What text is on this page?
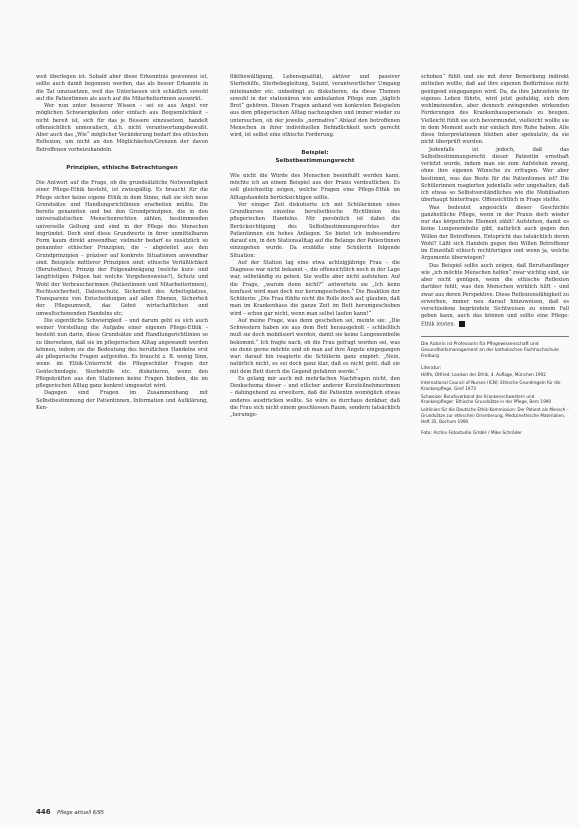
weit überlegen ist. Sobald aber diese Erkenntnis gewonnen ist, sollte auch damit begonnen werden, das als besser Erkannte in die Tat umzusetzen, weil das Unterlassen sich schädlich sowohl auf die Patientinnen als auch auf die Mitarbeiterinnen auswirkt.

Wer nun unter besserer Wissen – sei es aus Angst vor möglichen Schwierigkeiten oder einfach aus Bequemlichkeit – nicht bereit ist, sich für das je Bessere einzusetzen, handelt offensichtlich unmoralisch, d.h. nicht verantwortungsbewußt. Aber auch das „Wie“ möglicher Veränderung bedarf des ethischen Reflexion, um nicht an den Möglichkeiten/Grenzen der davon Betroffenen vorbeizuhandeln.

Prinzipien, ethische Betrachtungen

Die Antwort auf die Frage, ob die grundsätzliche Notwendigkeit einer Pflege-Ethik besteht, ist zwiespältig. Es braucht für die Pflege sicher keine eigene Ethik in dem Sinne, daß sie sich neue Grundsätze und Handlungsrichtlinien erarbeiten müßte. Die bereits genannten und bei den Grundprinzipien, die in den universalistischen Menschenrechten zählen, bestimmenden universelle Geltung und sind in der Pflege des Menschen begründet. Doch sind diese Grundwerte in ihrer unmittelbaren Form kaum direkt anwendbar, vielmehr bedarf es zusätzlich so genannter ethischer Prinzipien, die – abgeleitet aus den Grundprinzipien – präziser auf konkrete Situationen anwendbar sind. Beispiele mittlerer Prinzipien sind: ethische Verläßlichkeit (Berufsethos), Prinzip der Folgenabwägung (welche kurz- und langfristigen Folgen hat welche Vorgehensweise?), Schutz und Wohl der Verbraucherinnen (Patientinnen und Mitarbeiterinnen), Rechtssicherheit, Datenschutz, Sicherheit des Arbeitsplatzes, Transparenz von Entscheidungen auf allen Ebenen, Sicherheit der Pflegeumwelt, das Gebot wirtschaftlichen und umweltschonenden Handelns etc.

Die eigentliche Schwierigkeit – und darum geht es sich auch weiner Vorstellung die Aufgabe einer eigenen Pflege-Ethik – besteht nun darin, diese Grundsätze und Handlungsrichtlinien so zu übersetzen, daß sie im pflegerischen Alltag angewandt werden können, indem sie die Bedeutung des beruflichen Handelns erst als pflegerische Fragen aufgreifen. Es braucht z. B. wenig Sinn, wenn im Ethik-Unterricht die Pflegeschüler Fragen der Gentechnologie, Sterbehilfe etc. diskutieren, wenn den Pflegekräften aus den Stationen keine Fragen bleiben, die im pflegerischen Alltag ganz konkret umgesetzt wird.

Dagegen sind Fragen im Zusammenhang mit Selbstbestimmung der Patientinnen, Information und Aufklärung, Ken-

flikthewältigung, Lebensqualität, aktiver und passiver Sterbehilfe, Sterbebegleitung, Suizid, verantwortlicher Umgang miteinander etc. unbedingt zu diskutieren, da diese Themen sowohl in der stationären wie ambulanten Pflege zum „täglich Brot“ gehören. Diesen Fragen anhand von konkreten Beispielen aus dem pflegerischen Alltag nachzugehen und immer wieder zu untersuchen, ob der jeweils „normative“ Ablauf den betroffenen Menschen in ihrer individuellen Befindlichkeit noch gerecht wird, ist selbst eine ethische Forderung.

Beispiel:
Selbstbestimmungsrecht

Wie nicht die Würde des Menschen beeinflußt werden kann, möchte ich an einem Beispiel aus der Praxis verdeutlichen. Es soll gleichzeitig zeigen, welche Fragen eine Pflege-Ethik im Alltagshandeln berücksichtigen sollte.

Vor einiger Zeit diskutierte ich mit Schülerinnen eines Grundkurses einzelne berufsethische Richtlinien des pflegerischen Handelns. Mir persönlich ist dabei die Berücksichtigung des Selbstbestimmungsrechtes der Patientinnen ein hohes Anliegen. So bietet ich insbesondere darauf ein, in den Stationsalltag auf die Belange der Patientinnen einzugehen wurde. Da erzählte eine Schülerin folgende Situation:

Auf der Station lag eine etwa achtzigjährige Frau – die Diagnose war nicht bekannt –, die offensichtlich noch in der Lage war, selbständig zu gehen. Sie wollte aber nicht aufstehen. Auf die Frage, „warum denn nicht?“ antwortete sie „Ich kenn konfusst wird man doch nur herumgeschoben.“ Die Reaktion der Schülerin: „Die Frau fühlte nicht die Rolle doch auf, glauben, daß man im Krankenhaus die ganze Zeit im Bett herumgeschoben wird – schon gar nicht, wenn man selbst laufen kann!“

Auf meine Frage, was denn geschehen sei, meinte sie: „Die Schwestern haben sie aus dem Bett herausgeholt – schließlich muß sie doch mobilisiert werden, damit sie keine Lungenembolie bekommt.“ Ich fragte nach, ob die Frau gefragt worden sei, was sie denn gerne möchte und ob man auf ihre Ängste eingegangen war: darauf hin reagierte die Schülerin ganz empört: „Nein, natürlich nicht, es sei doch ganz klar, daß es nicht geht, daß sie mit dem Bett durch die Gegend gefahren werde.“

Es gelang mir auch mit mehrfachen Nachfragen nicht, den Denkschema dieser – und etlicher anderer Kursteilnehmerinnen – dahingehend zu erweitern, daß die Patientin womöglich etwas anderes ausdrücken wollte. So wäre es durchaus denkbar, daß die Frau sich nicht einem geschlossen Raum, sondern tatsächlich „herumge-

schoben“ fühlt und sie mit ihrer Bemerkung indirekt mitteilen wollte, daß auf ihre eigenen Bedürfnisse nicht genügend eingegangen wird. Da, da ihre Jahrzehnte ihr eigenes Leben führte, wird jetzt geduldig, sich dem wohlmeinenden, aber dennoch zwingenden wirkenden Forderungen des Krankenhauspersonals zu beugen. Vielleicht fühlt sie sich bevormundet, vielleicht wollte sie in dem Moment auch nur einfach ihre Ruhe haben. Alle diese Interpretationen bleiben aber spekulativ, da sie nicht überprüft wurden.

Jedenfalls ist jedoch, daß das Selbstbestimmungsrecht dieser Patientin ernsthaft verletzt wurde, indem man sie zum Aufstehen zwang, ohne ihre eigenen Wünsche zu erfragen. Wer aber bestimmt, was das Beste für die Patientinnen ist? Die Schülerinnen reagierten jedenfalls sehr ungehalten, daß ich etwas so Selbstverständliches wie die Mobilisation überhaupt hinterfrage. Offensichtlich in Frage stellte.

Was bedeutet angesichts dieser Geschichte ganzheitliche Pflege, wenn in der Praxis doch wieder nur das körperliche Element zählt! Aufstehen, damit es keine Lungenembolie gibt, natürlich auch gegen den Willen der Betroffenen. Entspricht das tatsächlich deren Wohl? Läßt sich Handeln gegen den Willen Betroffener im Einzelfall ethisch rechtfertigen und wenn ja, welche Argumente überwiegen?

Das Beispiel sollte auch zeigen, daß Berufsanfänger wie „ich möchte Menschen helfen“ zwar wichtig sind, sie aber nicht genügen, wenn die ethische Reflexion darüber fehlt, was den Menschen wirklich hilft – und zwar aus deren Perspektive. Diese Reflexionsfähigkeit zu erwerben, immer neu darauf hinzuweisen, daß es verschiedene begründete Sichtweisen zu einem Fall geben kann, auch das können und sollte eine Pflege-Ethik leisten.

Die Autorin ist Professorin für Pflegewissenschaft und Gesundheitsmanagement an der katholischen Fachhochschule Freiburg
Literatur:
Höffe, Otfried: Lexikon der Ethik, 4. Auflage, München 1992
International Council of Nurses (ICN): Ethische Grundregeln für die Krankenpflege, Genf 1973
Schweizer Berufsverband der Krankenschwestern und Krankenpfleger: Ethische Grundsätze in der Pflege, Bern 1990
Leitlinien für die Deutsche Ethik-Kommission: Der Patient als Mensch – Grundsätze zur ethischen Orientierung, Medizinethische Materialien, Heft 35, Bochum 1990
Foto: Archiv Fotostudio GmbH / Mike Schröder
446 Pflege aktuell 6/95
